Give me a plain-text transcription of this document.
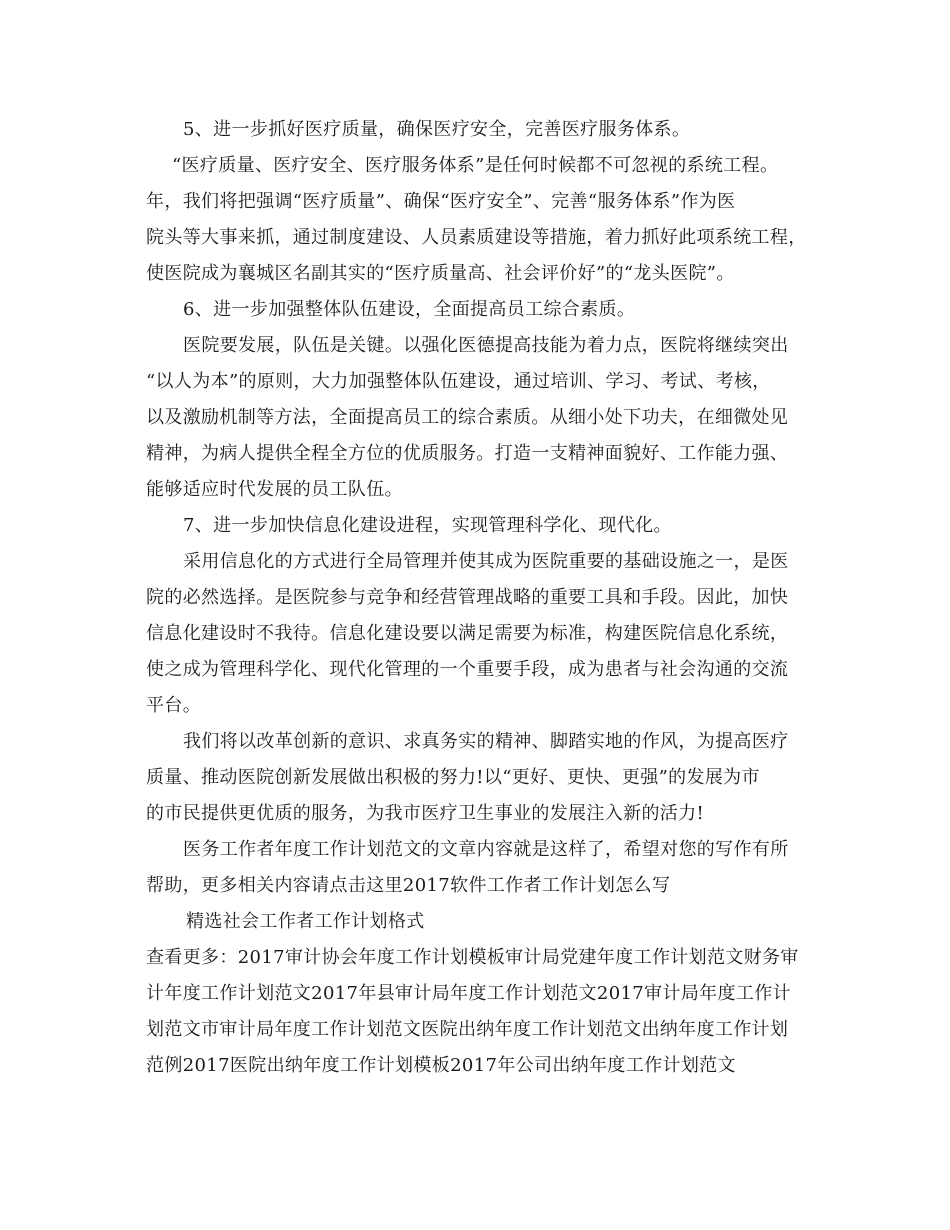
5、进一步抓好医疗质量，确保医疗安全，完善医疗服务体系。

“医疗质量、医疗安全、医疗服务体系”是任何时候都不可忽视的系统工程。

年，我们将把强调“医疗质量”、确保“医疗安全”、完善“服务体系”作为医

院头等大事来抓，通过制度建设、人员素质建设等措施，着力抓好此项系统工程，

使医院成为襄城区名副其实的“医疗质量高、社会评价好”的“龙头医院”。

6、进一步加强整体队伍建设，全面提高员工综合素质。

医院要发展，队伍是关键。以强化医德提高技能为着力点，医院将继续突出

“以人为本”的原则，大力加强整体队伍建设，通过培训、学习、考试、考核，

以及激励机制等方法，全面提高员工的综合素质。从细小处下功夫，在细微处见

精神，为病人提供全程全方位的优质服务。打造一支精神面貌好、工作能力强、

能够适应时代发展的员工队伍。

7、进一步加快信息化建设进程，实现管理科学化、现代化。

采用信息化的方式进行全局管理并使其成为医院重要的基础设施之一，是医

院的必然选择。是医院参与竞争和经营管理战略的重要工具和手段。因此，加快

信息化建设时不我待。信息化建设要以满足需要为标准，构建医院信息化系统，

使之成为管理科学化、现代化管理的一个重要手段，成为患者与社会沟通的交流

平台。

我们将以改革创新的意识、求真务实的精神、脚踏实地的作风，为提高医疗

质量、推动医院创新发展做出积极的努力!以“更好、更快、更强”的发展为市

的市民提供更优质的服务，为我市医疗卫生事业的发展注入新的活力!

医务工作者年度工作计划范文的文章内容就是这样了，希望对您的写作有所

帮助，更多相关内容请点击这里2017软件工作者工作计划怎么写

精选社会工作者工作计划格式

查看更多：2017审计协会年度工作计划模板审计局党建年度工作计划范文财务审

计年度工作计划范文2017年县审计局年度工作计划范文2017审计局年度工作计

划范文市审计局年度工作计划范文医院出纳年度工作计划范文出纳年度工作计划

范例2017医院出纳年度工作计划模板2017年公司出纳年度工作计划范文
